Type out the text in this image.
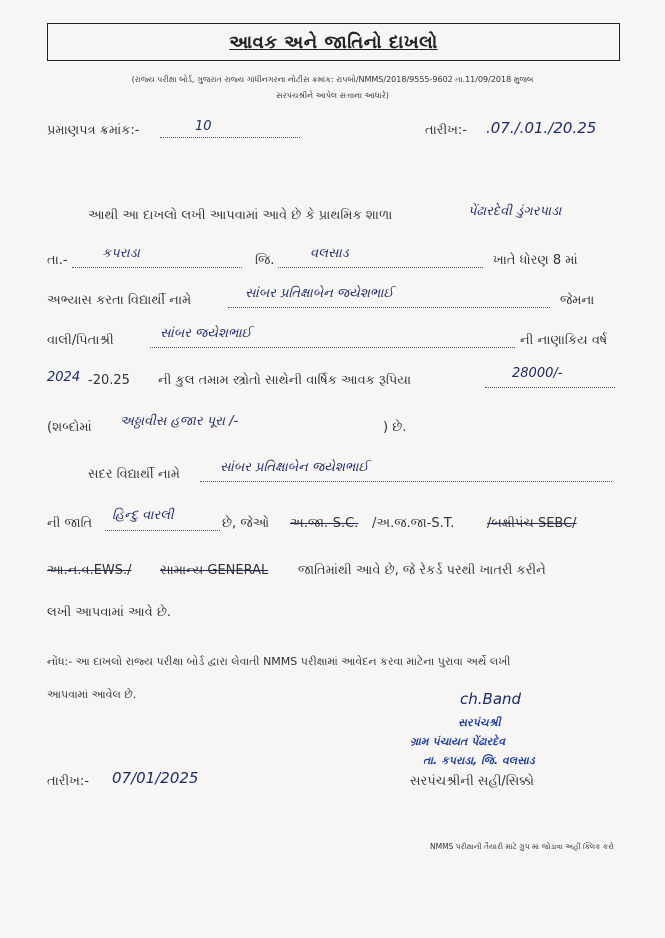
આવક અને જાતિનો દાખલો
(રાજ્ય પરીક્ષા બોર્ડ, ગુજરાત રાજ્ય ગાંધીનગરના નોટીસ ક્રમાંક: રાપબો/NMMS/2018/9555-9602 તા.11/09/2018 મુજબ
સરપંચશ્રીને આપેલ સત્તાના આધારે)
પ્રમાણપત્ર ક્રમાંક:-	10	તારીખ:- .07./.01./20.25
આથી આ દાખલો લખી આપવામાં આવે છે કે પ્રાથમિક શાળા	પેંઢારદેવી ડુંગરપાડા
તા.-	કપરાડા	જિ.	વલસાડ	ખાતે ધોરણ 8 માં
અભ્યાસ કરતા વિદ્યાર્થી નામે	સાંબર પ્રતિક્ષાબેન જયેશભાઈ	જેમના
વાલી/પિતાશ્રી	સાંબર જયેશભાઈ	ની નાણાકિય વર્ષ
2024 -20.25 ની કુલ તમામ સ્ત્રોતો સાથેની વાર્ષિક આવક રૂપિયા	28000/-
(શબ્દોમાં અઠ્ઠાવીસ હજાર પૂરા /-	) છે.
સદર વિદ્યાર્થી નામે	સાંબર પ્રતિક્ષાબેન જયેશભાઈ
ની જાતિ
હિન્દુ વારલી
છે, જેઓ અ.જા.-S.C. /અ.જ.જા-S.T.	/બક્ષીપંચ SEBC/
આ.ન.વ.EWS./ સામાન્ય GENERAL જાતિમાંથી આવે છે, જે રેકર્ડ પરથી ખાતરી કરીને
લખી આપવામાં આવે છે.
નોંધ:- આ દાખલો રાજ્ય પરીક્ષા બોર્ડ દ્વારા લેવાતી NMMS પરીક્ષામાં આવેદન કરવા માટેના પુરાવા અર્થે લખી
આપવામાં આવેલ છે.	ch.Band
સરપંચશ્રી
ગ્રામ પંચાયત પેંઢારદેવ
તા. કપરાડા, જિ. વલસાડ
સરપંચશ્રીની સહી/સિક્કો
તારીખ:- 07/01/2025
NMMS પરીક્ષાની તૈયારી માટે ગ્રુપ માં જોડાવા અહીં ક્લિક કરો
